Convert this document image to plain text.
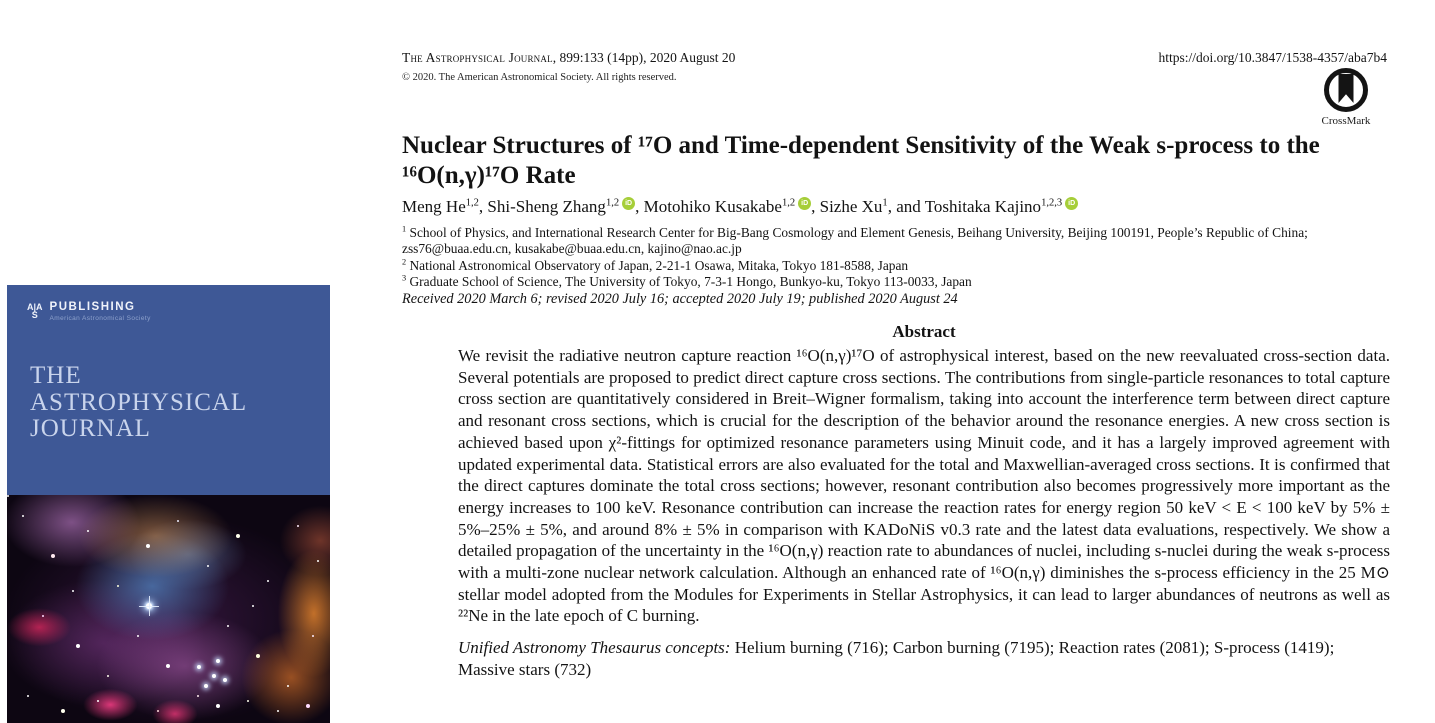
A|A
S
PUBLISHING
American Astronomical Society
THE
ASTROPHYSICAL
JOURNAL
The Astrophysical Journal, 899:133 (14pp), 2020 August 20	https://doi.org/10.3847/1538-4357/aba7b4
© 2020. The American Astronomical Society. All rights reserved.
CrossMark
Nuclear Structures of ¹⁷O and Time-dependent Sensitivity of the Weak s-process to the
¹⁶O(n,γ)¹⁷O Rate
Meng He$^{1,2}$, Shi-Sheng Zhang$^{1,2}$ iD , Motohiko Kusakabe$^{1,2}$ iD , Sizhe Xu$^1$, and Toshitaka Kajino$^{1,2,3}$ iD
$^1$ School of Physics, and International Research Center for Big-Bang Cosmology and Element Genesis, Beihang University, Beijing 100191, People’s Republic of China; zss76@buaa.edu.cn, kusakabe@buaa.edu.cn, kajino@nao.ac.jp
$^2$ National Astronomical Observatory of Japan, 2-21-1 Osawa, Mitaka, Tokyo 181-8588, Japan
$^3$ Graduate School of Science, The University of Tokyo, 7-3-1 Hongo, Bunkyo-ku, Tokyo 113-0033, Japan
Received 2020 March 6; revised 2020 July 16; accepted 2020 July 19; published 2020 August 24
Abstract
We revisit the radiative neutron capture reaction ¹⁶O(n,γ)¹⁷O of astrophysical interest, based on the new reevaluated cross-section data. Several potentials are proposed to predict direct capture cross sections. The contributions from single-particle resonances to total capture cross section are quantitatively considered in Breit–Wigner formalism, taking into account the interference term between direct capture and resonant cross sections, which is crucial for the description of the behavior around the resonance energies. A new cross section is achieved based upon χ²-fittings for optimized resonance parameters using Minuit code, and it has a largely improved agreement with updated experimental data. Statistical errors are also evaluated for the total and Maxwellian-averaged cross sections. It is confirmed that the direct captures dominate the total cross sections; however, resonant contribution also becomes progressively more important as the energy increases to 100 keV. Resonance contribution can increase the reaction rates for energy region 50 keV < E < 100 keV by 5% ± 5%–25% ± 5%, and around 8% ± 5% in comparison with KADoNiS v0.3 rate and the latest data evaluations, respectively. We show a detailed propagation of the uncertainty in the ¹⁶O(n,γ) reaction rate to abundances of nuclei, including s-nuclei during the weak s-process with a multi-zone nuclear network calculation. Although an enhanced rate of ¹⁶O(n,γ) diminishes the s-process efficiency in the 25 M⊙ stellar model adopted from the Modules for Experiments in Stellar Astrophysics, it can lead to larger abundances of neutrons as well as ²²Ne in the late epoch of C burning.
Unified Astronomy Thesaurus concepts: Helium burning (716); Carbon burning (7195); Reaction rates (2081); S-process (1419); Massive stars (732)
